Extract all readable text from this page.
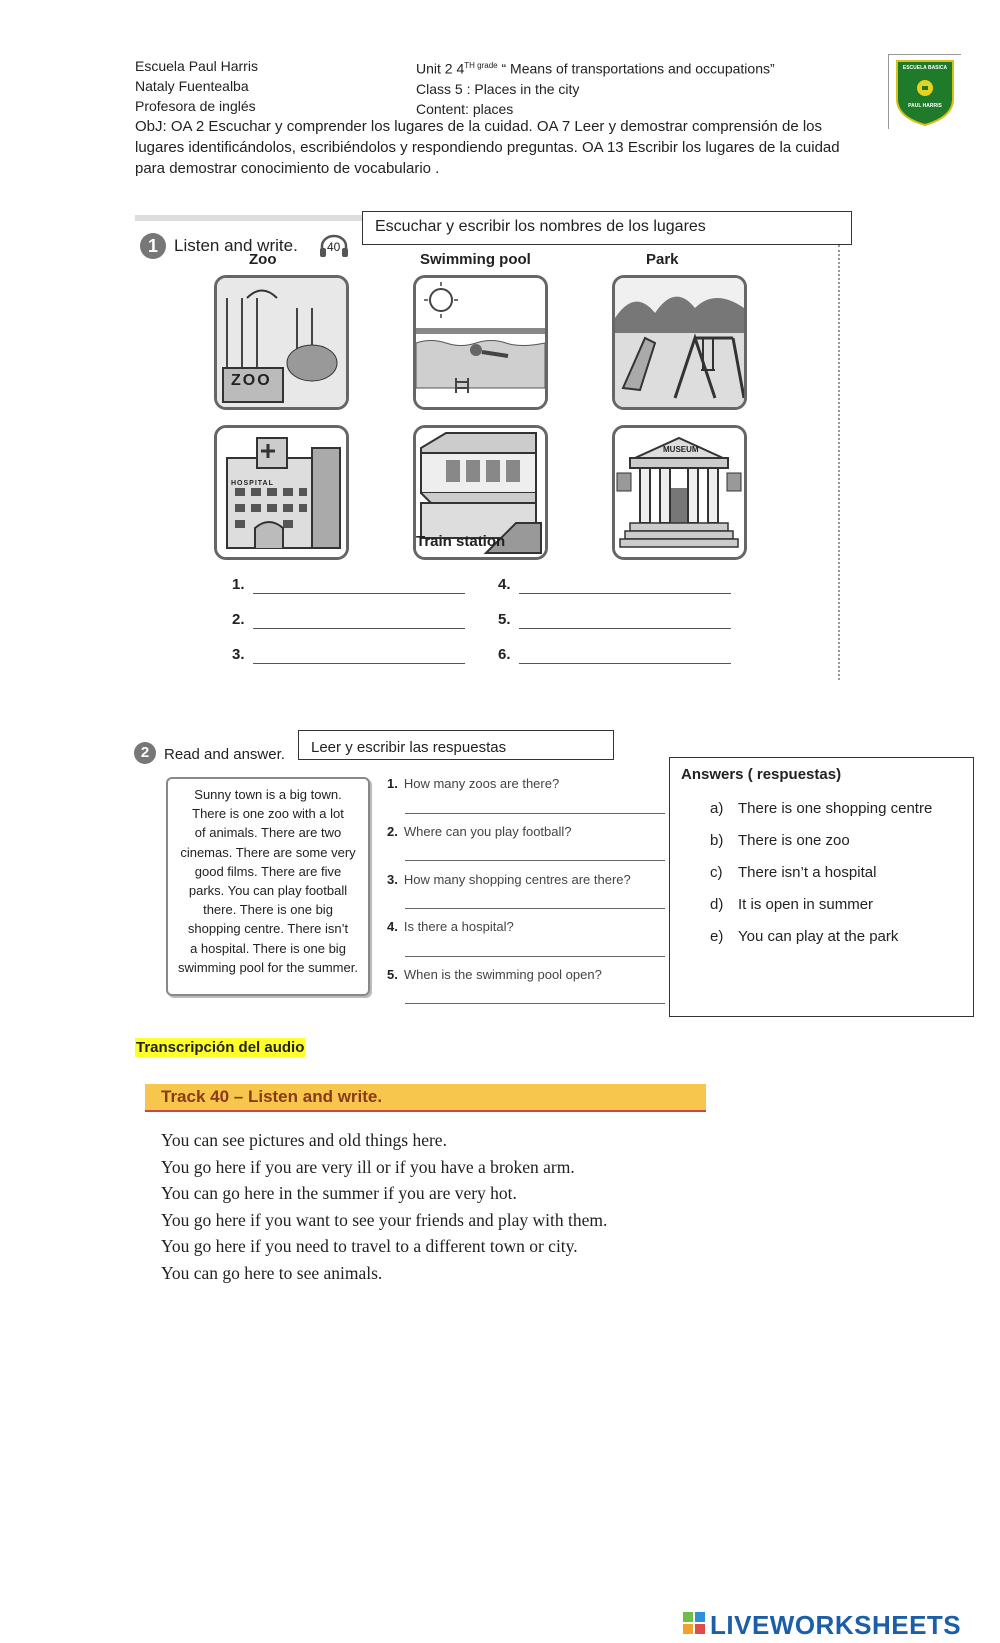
Escuela Paul Harris
Nataly Fuentealba
Profesora de inglés
Unit 2 $4^{TH grade}$ “ Means of transportations and occupations”
Class 5 : Places in the city
Content: places
ObJ: OA 2 Escuchar y comprender los lugares de la cuidad. OA 7 Leer y demostrar comprensión de los lugares identificándolos, escribiéndolos y respondiendo preguntas. OA 13 Escribir los lugares de la cuidad para demostrar conocimiento de vocabulario .
ESCUELA BASICA
PAUL HARRIS
1 Listen and write. 40
Escuchar y escribir los nombres de los lugares
Zoo	Swimming pool	Park
ZOO
HOSPITAL
Train station
MUSEUM
1.
2.
3.
4.
5.
6.
2 Read and answer.	Leer y escribir las respuestas
Sunny town is a big town.
There is one zoo with a lot
of animals. There are two
cinemas. There are some very
good films. There are five
parks. You can play football
there. There is one big
shopping centre. There isn’t
a hospital. There is one big
swimming pool for the summer.
1. How many zoos are there?
2. Where can you play football?
3. How many shopping centres are there?
4. Is there a hospital?
5. When is the swimming pool open?
Answers ( respuestas)
a) There is one shopping centre
b) There is one zoo
c) There isn’t a hospital
d) It is open in summer
e) You can play at the park
Transcripción del audio
Track 40 – Listen and write.
You can see pictures and old things here.
You go here if you are very ill or if you have a broken arm.
You can go here in the summer if you are very hot.
You go here if you want to see your friends and play with them.
You go here if you need to travel to a different town or city.
You can go here to see animals.
LIVEWORKSHEETS
